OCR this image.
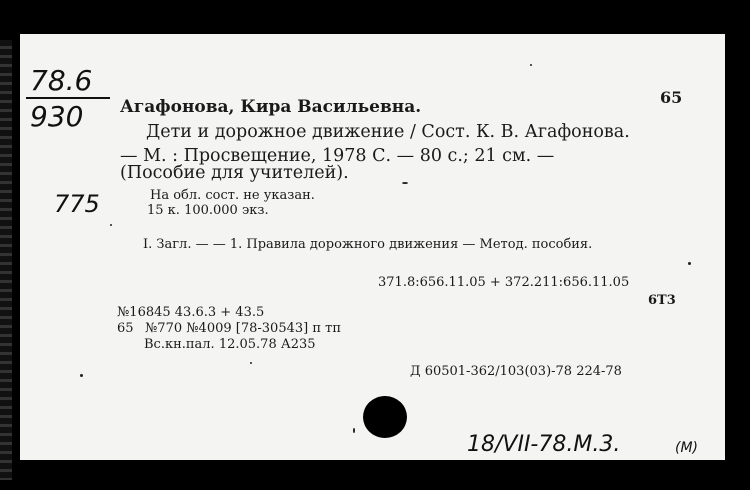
78.6
930
775
65
Агафонова, Кира Васильевна.
Дети и дорожное движение / Сост. К. В. Агафонова.
— М. : Просвещение, 1978 С. — 80 с.; 21 см. —
(Пособие для учителей).
На обл. сост. не указан.
15 к. 100.000 экз.
I. Загл. — — 1. Правила дорожного движения — Метод. пособия.
371.8:656.11.05 + 372.211:656.11.05
6Т3
№16845 43.6.3 + 43.5
65 №770 №4009 [78-30543] п тп
Вс.кн.пал. 12.05.78 А235
Д 60501-362/103(03)-78 224-78
18/VII-78.M.3.	(M)
